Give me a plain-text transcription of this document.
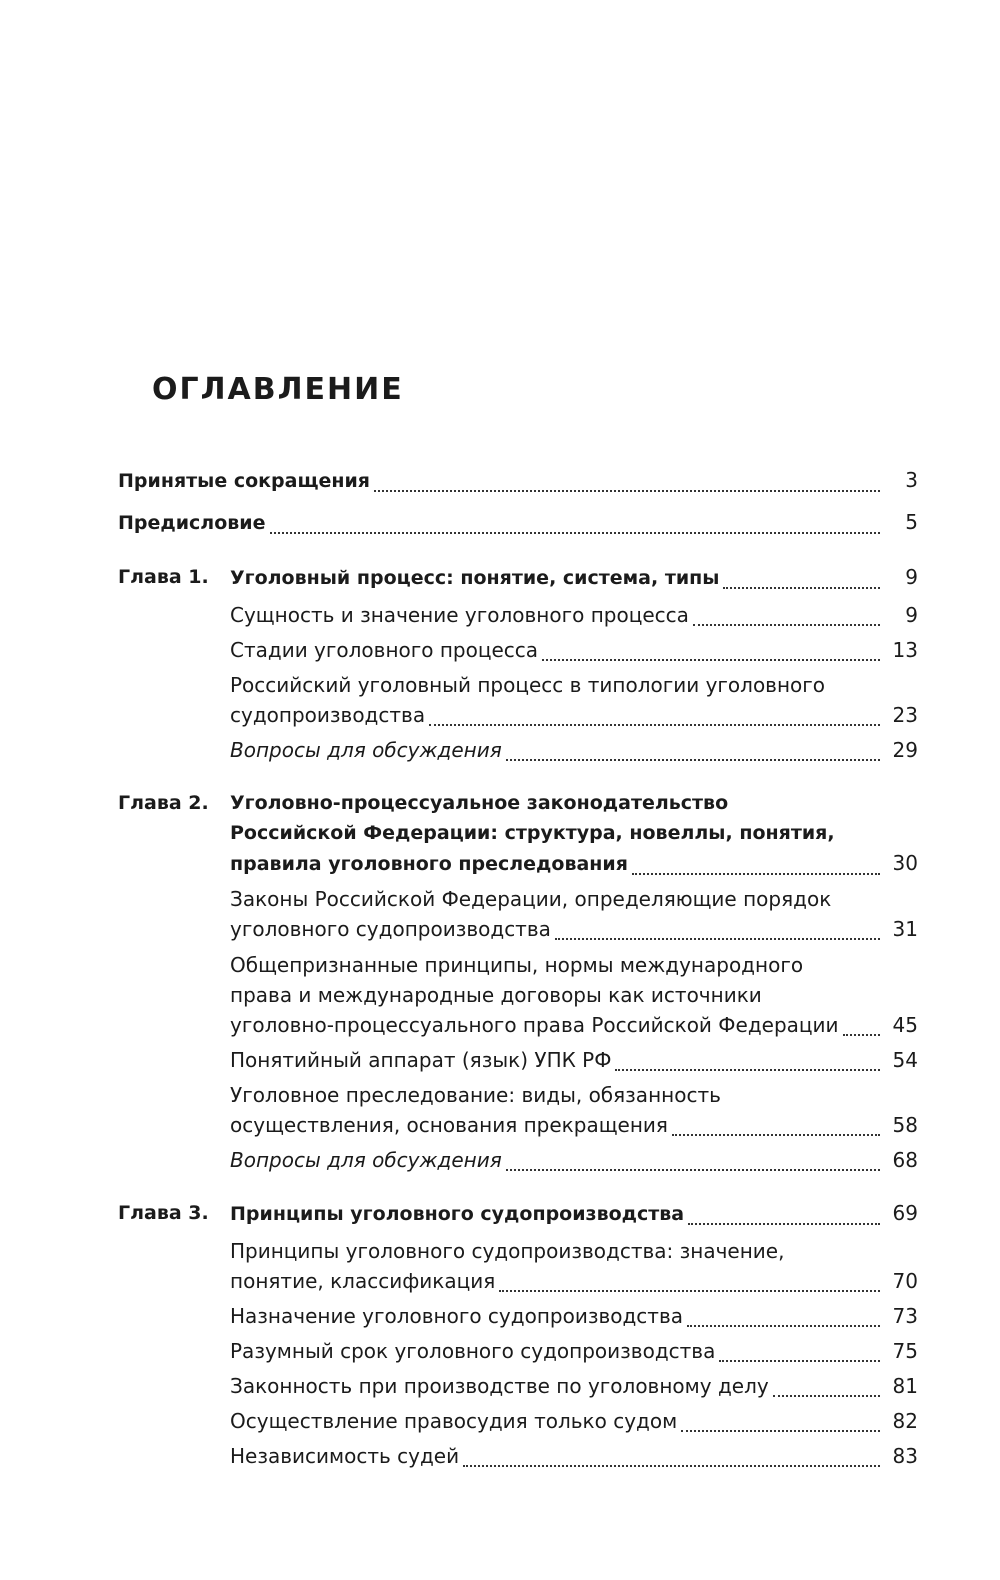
ОГЛАВЛЕНИЕ
Принятые сокращения	3
Предисловие	5
Глава 1. Уголовный процесс: понятие, система, типы	9
Сущность и значение уголовного процесса	9
Стадии уголовного процесса	13
Российский уголовный процесс в типологии уголовного
судопроизводства	23
Вопросы для обсуждения	29
Глава 2. Уголовно-процессуальное законодательство
Российской Федерации: структура, новеллы, понятия,
правила уголовного преследования	30
Законы Российской Федерации, определяющие порядок
уголовного судопроизводства	31
Общепризнанные принципы, нормы международного
права и международные договоры как источники
уголовно-процессуального права Российской Федерации	45
Понятийный аппарат (язык) УПК РФ	54
Уголовное преследование: виды, обязанность
осуществления, основания прекращения	58
Вопросы для обсуждения	68
Глава 3. Принципы уголовного судопроизводства	69
Принципы уголовного судопроизводства: значение,
понятие, классификация	70
Назначение уголовного судопроизводства	73
Разумный срок уголовного судопроизводства	75
Законность при производстве по уголовному делу	81
Осуществление правосудия только судом	82
Независимость судей	83
